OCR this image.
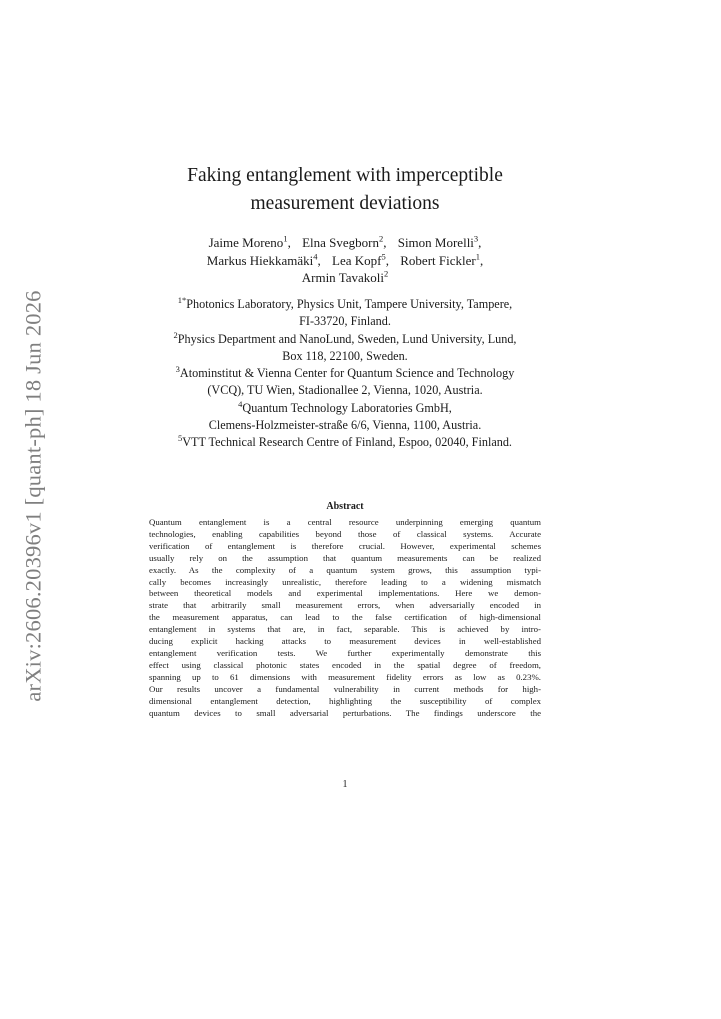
arXiv:2606.20396v1 [quant-ph] 18 Jun 2026
Faking entanglement with imperceptible
measurement deviations
Jaime Moreno$^1$, Elna Svegborn$^2$, Simon Morelli$^3$,
Markus Hiekkamäki$^4$, Lea Kopf$^5$, Robert Fickler$^1$,
Armin Tavakoli$^2$
$^{1*}$Photonics Laboratory, Physics Unit, Tampere University, Tampere,
FI-33720, Finland.
$^2$Physics Department and NanoLund, Sweden, Lund University, Lund,
Box 118, 22100, Sweden.
$^3$Atominstitut & Vienna Center for Quantum Science and Technology
(VCQ), TU Wien, Stadionallee 2, Vienna, 1020, Austria.
$^4$Quantum Technology Laboratories GmbH,
Clemens-Holzmeister-straße 6/6, Vienna, 1100, Austria.
$^5$VTT Technical Research Centre of Finland, Espoo, 02040, Finland.
Abstract
Quantum entanglement is a central resource underpinning emerging quantum
technologies, enabling capabilities beyond those of classical systems. Accurate
verification of entanglement is therefore crucial. However, experimental schemes
usually rely on the assumption that quantum measurements can be realized
exactly. As the complexity of a quantum system grows, this assumption typi-
cally becomes increasingly unrealistic, therefore leading to a widening mismatch
between theoretical models and experimental implementations. Here we demon-
strate that arbitrarily small measurement errors, when adversarially encoded in
the measurement apparatus, can lead to the false certification of high-dimensional
entanglement in systems that are, in fact, separable. This is achieved by intro-
ducing explicit hacking attacks to measurement devices in well-established
entanglement verification tests. We further experimentally demonstrate this
effect using classical photonic states encoded in the spatial degree of freedom,
spanning up to 61 dimensions with measurement fidelity errors as low as 0.23%.
Our results uncover a fundamental vulnerability in current methods for high-
dimensional entanglement detection, highlighting the susceptibility of complex
quantum devices to small adversarial perturbations. The findings underscore the
1
